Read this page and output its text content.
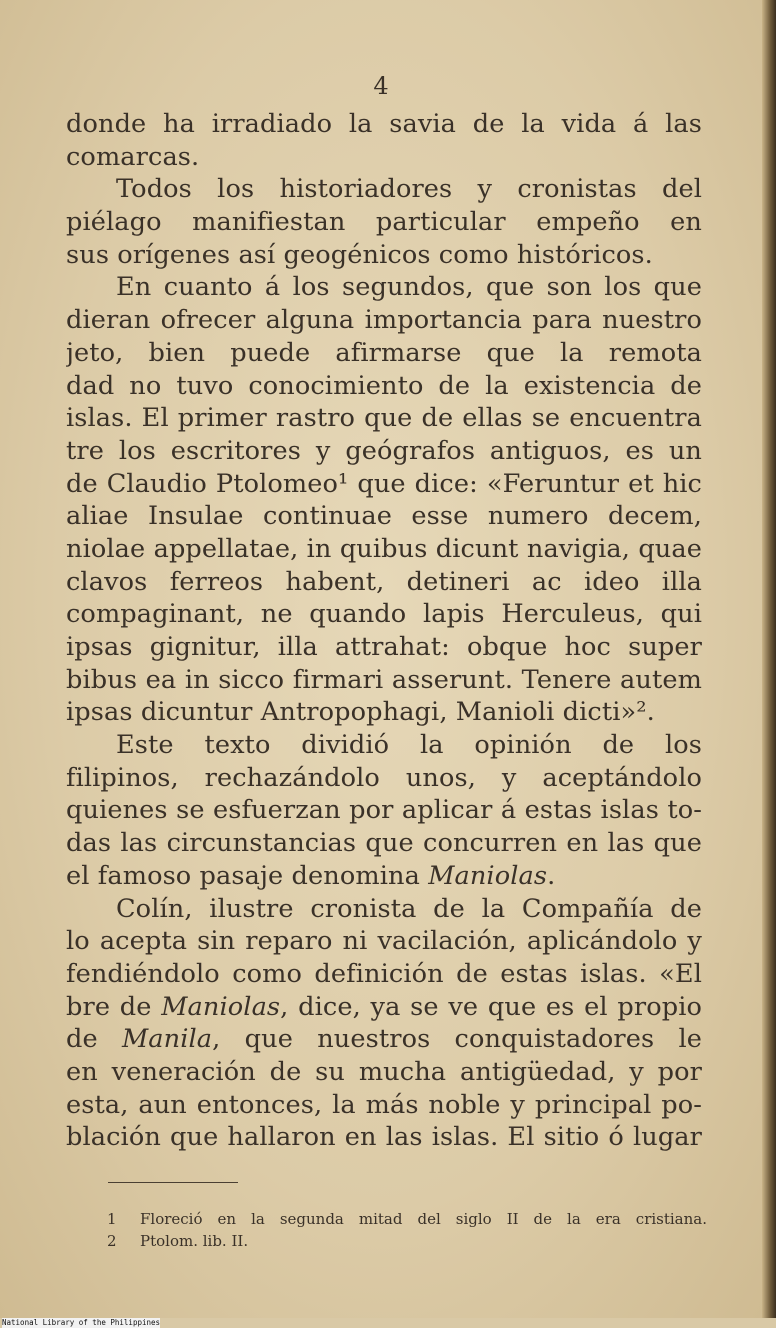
4
donde ha irradiado la savia de la vida á las
comarcas.
Todos los historiadores y cronistas del
piélago manifiestan particular empeño en
sus orígenes así geogénicos como históricos.
En cuanto á los segundos, que son los que
dieran ofrecer alguna importancia para nuestro
jeto, bien puede afirmarse que la remota
dad no tuvo conocimiento de la existencia de
islas. El primer rastro que de ellas se encuentra
tre los escritores y geógrafos antiguos, es un
de Claudio Ptolomeo¹ que dice: «Feruntur et hic
aliae Insulae continuae esse numero decem,
niolae appellatae, in quibus dicunt navigia, quae
clavos ferreos habent, detineri ac ideo illa
compaginant, ne quando lapis Herculeus, qui
ipsas gignitur, illa attrahat: obque hoc super
bibus ea in sicco firmari asserunt. Tenere autem
ipsas dicuntur Antropophagi, Manioli dicti»².
Este texto dividió la opinión de los
filipinos, rechazándolo unos, y aceptándolo
quienes se esfuerzan por aplicar á estas islas to-
das las circunstancias que concurren en las que
el famoso pasaje denomina Maniolas.
Colín, ilustre cronista de la Compañía de
lo acepta sin reparo ni vacilación, aplicándolo y
fendiéndolo como definición de estas islas. «El
bre de Maniolas, dice, ya se ve que es el propio
de Manila, que nuestros conquistadores le
en veneración de su mucha antigüedad, y por
esta, aun entonces, la más noble y principal po-
blación que hallaron en las islas. El sitio ó lugar
1	Floreció en la segunda mitad del siglo II de la era cristiana.
2	Ptolom. lib. II.
National Library of the Philippines
